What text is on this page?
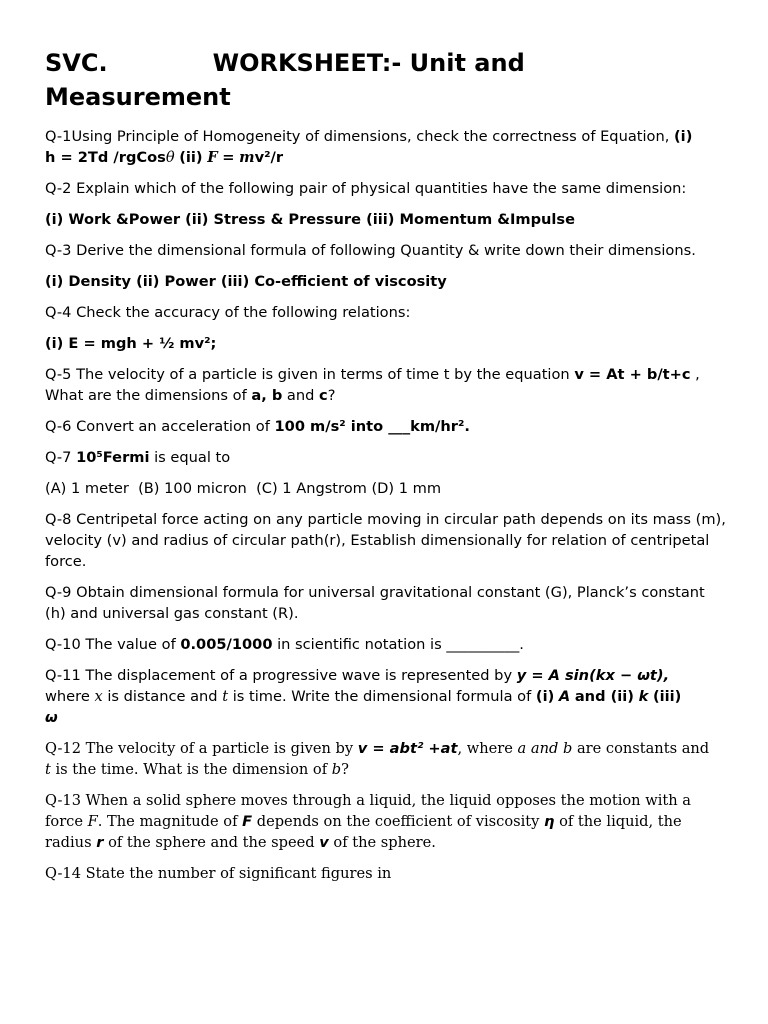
SVC.	WORKSHEET:- Unit and
Measurement

Q-1Using Principle of Homogeneity of dimensions, check the correctness of Equation, (i)
h = 2Td /rgCosθ (ii) F = mv²/r

Q-2 Explain which of the following pair of physical quantities have the same dimension:

(i) Work &Power (ii) Stress & Pressure (iii) Momentum &Impulse

Q-3 Derive the dimensional formula of following Quantity & write down their dimensions.

(i) Density (ii) Power (iii) Co-efficient of viscosity

Q-4 Check the accuracy of the following relations:

(i) E = mgh + ½ mv²;

Q-5 The velocity of a particle is given in terms of time t by the equation v = At + b/t+c ,
What are the dimensions of a, b and c?

Q-6 Convert an acceleration of 100 m/s² into ___km/hr².

Q-7 10⁵Fermi is equal to

(A) 1 meter  (B) 100 micron  (C) 1 Angstrom (D) 1 mm

Q-8 Centripetal force acting on any particle moving in circular path depends on its mass (m), velocity (v) and radius of circular path(r), Establish dimensionally for relation of centripetal force.

Q-9 Obtain dimensional formula for universal gravitational constant (G), Planck’s constant (h) and universal gas constant (R).

Q-10 The value of 0.005/1000 in scientific notation is __________.

Q-11 The displacement of a progressive wave is represented by y = A sin(kx − ωt),
where x is distance and t is time. Write the dimensional formula of (i) A and (ii) k (iii)
ω

Q-12 The velocity of a particle is given by v = abt² +at, where a and b are constants and
t is the time. What is the dimension of b?

Q-13 When a solid sphere moves through a liquid, the liquid opposes the motion with a force F. The magnitude of F depends on the coefficient of viscosity η of the liquid, the radius r of the sphere and the speed v of the sphere.

Q-14 State the number of significant figures in
